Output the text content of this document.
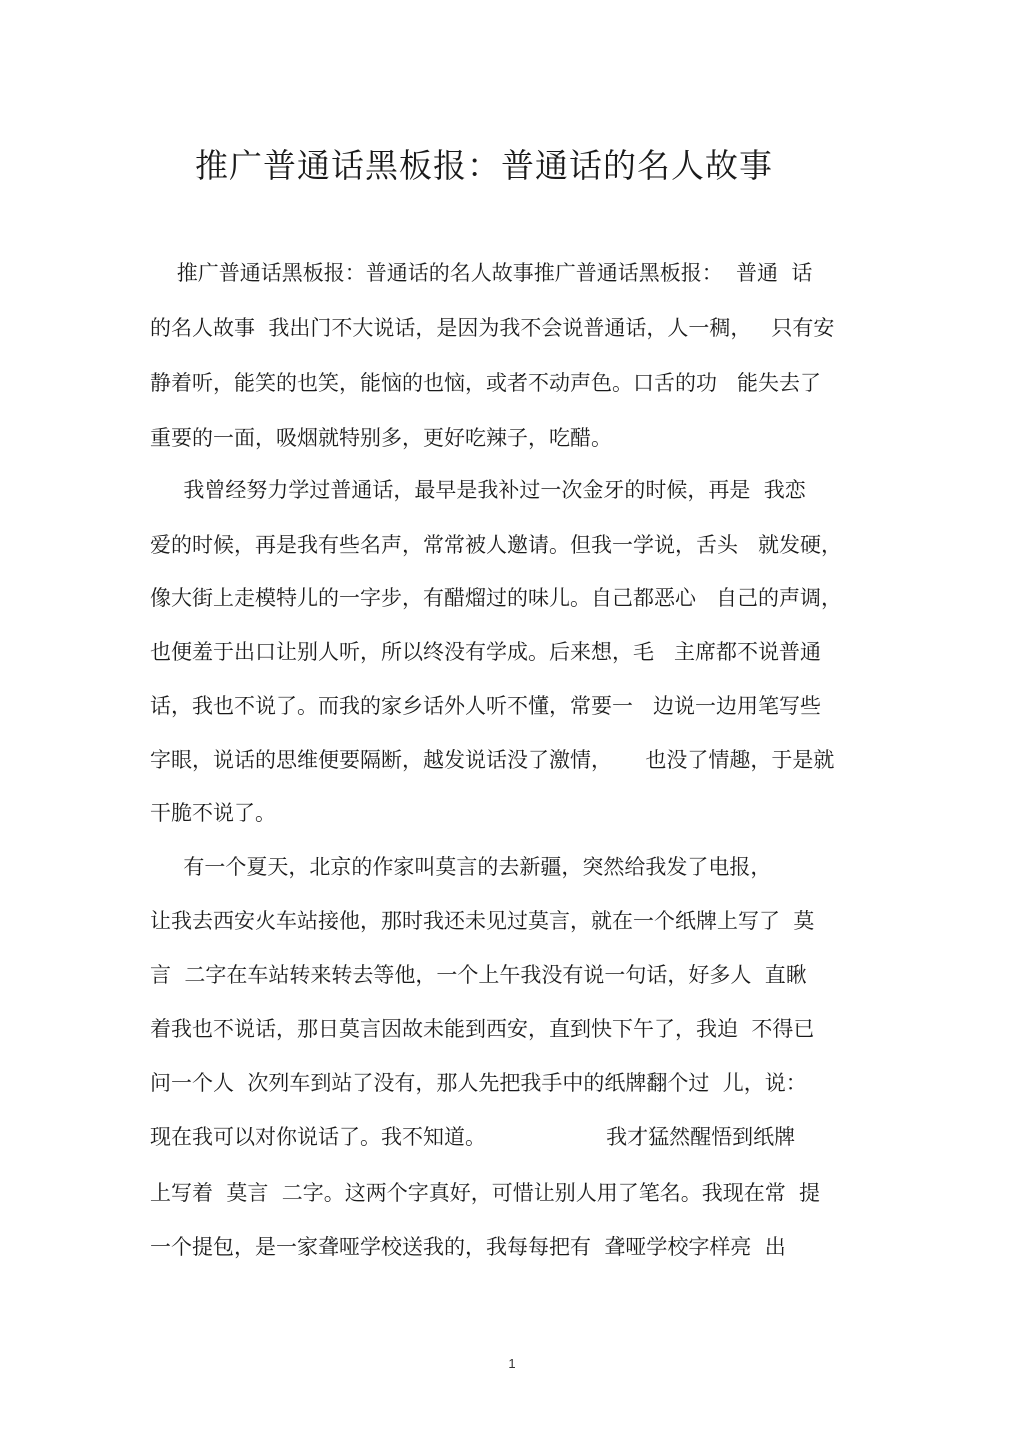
推广普通话黑板报：普通话的名人故事

推广普通话黑板报：普通话的名人故事推广普通话黑板报：  普通  话

的名人故事  我出门不大说话，是因为我不会说普通话，人一稠，   只有安

静着听，能笑的也笑，能恼的也恼，或者不动声色。口舌的功   能失去了

重要的一面，吸烟就特别多，更好吃辣子，吃醋。

我曾经努力学过普通话，最早是我补过一次金牙的时候，再是  我恋

爱的时候，再是我有些名声，常常被人邀请。但我一学说，舌头   就发硬，

像大街上走模特儿的一字步，有醋熘过的味儿。自己都恶心   自己的声调，

也便羞于出口让别人听，所以终没有学成。后来想，毛   主席都不说普通

话，我也不说了。而我的家乡话外人听不懂，常要一   边说一边用笔写些

字眼，说话的思维便要隔断，越发说话没了激情，     也没了情趣，于是就

干脆不说了。

有一个夏天，北京的作家叫莫言的去新疆，突然给我发了电报，

让我去西安火车站接他，那时我还未见过莫言，就在一个纸牌上写了  莫

言  二字在车站转来转去等他，一个上午我没有说一句话，好多人  直瞅

着我也不说话，那日莫言因故未能到西安，直到快下午了，我迫  不得已

问一个人  次列车到站了没有，那人先把我手中的纸牌翻个过  儿，说：

现在我可以对你说话了。我不知道。                  我才猛然醒悟到纸牌

上写着  莫言  二字。这两个字真好，可惜让别人用了笔名。我现在常  提

一个提包，是一家聋哑学校送我的，我每每把有  聋哑学校字样亮  出

1
